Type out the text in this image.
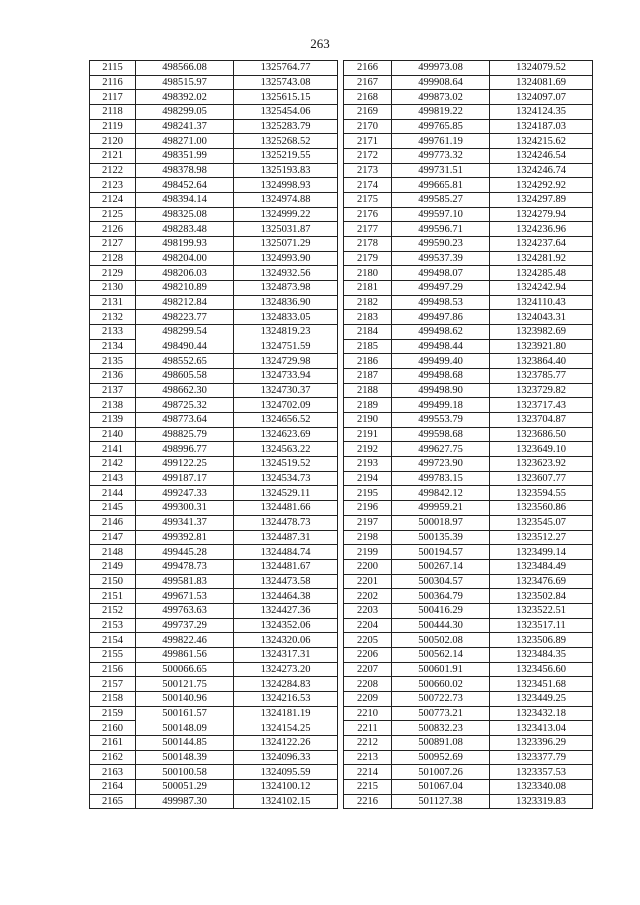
263
2115	498566.08	1325764.77
2116	498515.97	1325743.08
2117	498392.02	1325615.15
2118	498299.05	1325454.06
2119	498241.37	1325283.79
2120	498271.00	1325268.52
2121	498351.99	1325219.55
2122	498378.98	1325193.83
2123	498452.64	1324998.93
2124	498394.14	1324974.88
2125	498325.08	1324999.22
2126	498283.48	1325031.87
2127	498199.93	1325071.29
2128	498204.00	1324993.90
2129	498206.03	1324932.56
2130	498210.89	1324873.98
2131	498212.84	1324836.90
2132	498223.77	1324833.05
2133	498299.54	1324819.23
2134	498490.44	1324751.59
2135	498552.65	1324729.98
2136	498605.58	1324733.94
2137	498662.30	1324730.37
2138	498725.32	1324702.09
2139	498773.64	1324656.52
2140	498825.79	1324623.69
2141	498996.77	1324563.22
2142	499122.25	1324519.52
2143	499187.17	1324534.73
2144	499247.33	1324529.11
2145	499300.31	1324481.66
2146	499341.37	1324478.73
2147	499392.81	1324487.31
2148	499445.28	1324484.74
2149	499478.73	1324481.67
2150	499581.83	1324473.58
2151	499671.53	1324464.38
2152	499763.63	1324427.36
2153	499737.29	1324352.06
2154	499822.46	1324320.06
2155	499861.56	1324317.31
2156	500066.65	1324273.20
2157	500121.75	1324284.83
2158	500140.96	1324216.53
2159	500161.57	1324181.19
2160	500148.09	1324154.25
2161	500144.85	1324122.26
2162	500148.39	1324096.33
2163	500100.58	1324095.59
2164	500051.29	1324100.12
2165	499987.30	1324102.15
2166	499973.08	1324079.52
2167	499908.64	1324081.69
2168	499873.02	1324097.07
2169	499819.22	1324124.35
2170	499765.85	1324187.03
2171	499761.19	1324215.62
2172	499773.32	1324246.54
2173	499731.51	1324246.74
2174	499665.81	1324292.92
2175	499585.27	1324297.89
2176	499597.10	1324279.94
2177	499596.71	1324236.96
2178	499590.23	1324237.64
2179	499537.39	1324281.92
2180	499498.07	1324285.48
2181	499497.29	1324242.94
2182	499498.53	1324110.43
2183	499497.86	1324043.31
2184	499498.62	1323982.69
2185	499498.44	1323921.80
2186	499499.40	1323864.40
2187	499498.68	1323785.77
2188	499498.90	1323729.82
2189	499499.18	1323717.43
2190	499553.79	1323704.87
2191	499598.68	1323686.50
2192	499627.75	1323649.10
2193	499723.90	1323623.92
2194	499783.15	1323607.77
2195	499842.12	1323594.55
2196	499959.21	1323560.86
2197	500018.97	1323545.07
2198	500135.39	1323512.27
2199	500194.57	1323499.14
2200	500267.14	1323484.49
2201	500304.57	1323476.69
2202	500364.79	1323502.84
2203	500416.29	1323522.51
2204	500444.30	1323517.11
2205	500502.08	1323506.89
2206	500562.14	1323484.35
2207	500601.91	1323456.60
2208	500660.02	1323451.68
2209	500722.73	1323449.25
2210	500773.21	1323432.18
2211	500832.23	1323413.04
2212	500891.08	1323396.29
2213	500952.69	1323377.79
2214	501007.26	1323357.53
2215	501067.04	1323340.08
2216	501127.38	1323319.83
